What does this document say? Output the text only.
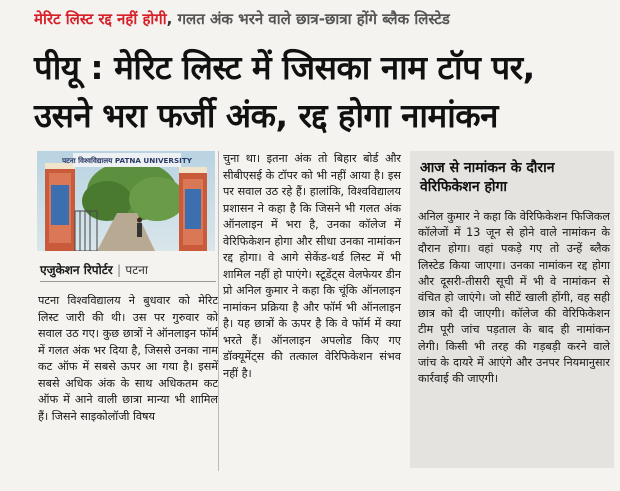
मेरिट लिस्ट रद्द नहीं होगी, गलत अंक भरने वाले छात्र-छात्रा होंगे ब्लैक लिस्टेड
पीयू : मेरिट लिस्ट में जिसका नाम टॉप पर,
उसने भरा फर्जी अंक, रद्द होगा नामांकन
पटना विश्वविद्यालय PATNA UNIVERSITY
एजुकेशन रिपोर्टर | पटना
पटना विश्वविद्यालय ने बुधवार को मेरिट लिस्ट जारी की थी। उस पर गुरुवार को सवाल उठ गए। कुछ छात्रों ने ऑनलाइन फॉर्म में गलत अंक भर दिया है, जिससे उनका नाम कट ऑफ में सबसे ऊपर आ गया है। इसमें सबसे अधिक अंक के साथ अधिकतम कट ऑफ में आने वाली छात्रा मान्या भी शामिल हैं। जिसने साइकोलॉजी विषय
चुना था। इतना अंक तो बिहार बोर्ड और सीबीएसई के टॉपर को भी नहीं आया है। इस पर सवाल उठ रहे हैं। हालांकि, विश्वविद्यालय प्रशासन ने कहा है कि जिसने भी गलत अंक ऑनलाइन में भरा है, उनका कॉलेज में वेरिफिकेशन होगा और सीधा उनका नामांकन रद्द होगा। वे आगे सेकेंड-थर्ड लिस्ट में भी शामिल नहीं हो पाएंगे। स्टूडेंट्स वेलफेयर डीन प्रो अनिल कुमार ने कहा कि चूंकि ऑनलाइन नामांकन प्रक्रिया है और फॉर्म भी ऑनलाइन है। यह छात्रों के ऊपर है कि वे फॉर्म में क्या भरते हैं। ऑनलाइन अपलोड किए गए डॉक्यूमेंट्स की तत्काल वेरिफिकेशन संभव नहीं है।
आज से नामांकन के दौरान वेरिफिकेशन होगा
अनिल कुमार ने कहा कि वेरिफिकेशन फिजिकल कॉलेजों में 13 जून से होने वाले नामांकन के दौरान होगा। वहां पकड़े गए तो उन्हें ब्लैक लिस्टेड किया जाएगा। उनका नामांकन रद्द होगा और दूसरी-तीसरी सूची में भी वे नामांकन से वंचित हो जाएंगे। जो सीटें खाली होंगी, वह सही छात्र को दी जाएगी। कॉलेज की वेरिफिकेशन टीम पूरी जांच पड़ताल के बाद ही नामांकन लेगी। किसी भी तरह की गड़बड़ी करने वाले जांच के दायरे में आएंगे और उनपर नियमानुसार कार्रवाई की जाएगी।
